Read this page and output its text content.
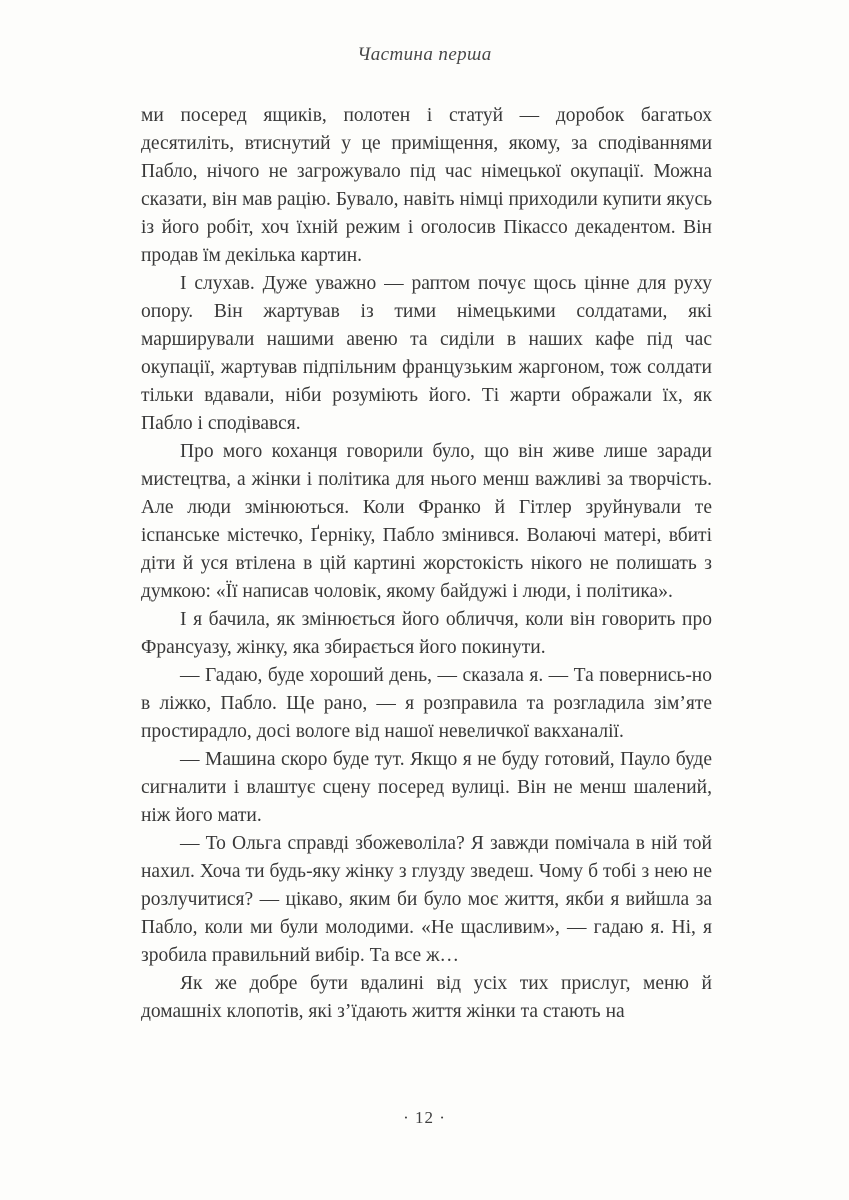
Частина перша

ми посеред ящиків, полотен і статуй — доробок багатьох десятиліть, втиснутий у це приміщення, якому, за сподіваннями Пабло, нічого не загрожувало під час німецької окупації. Можна сказати, він мав рацію. Бувало, навіть німці приходили купити якусь із його робіт, хоч їхній режим і оголосив Пікассо декадентом. Він продав їм декілька картин.

І слухав. Дуже уважно — раптом почує щось цінне для руху опору. Він жартував із тими німецькими солдатами, які марширували нашими авеню та сиділи в наших кафе під час окупації, жартував підпільним французьким жаргоном, тож солдати тільки вдавали, ніби розуміють його. Ті жарти ображали їх, як Пабло і сподівався.

Про мого коханця говорили було, що він живе лише заради мистецтва, а жінки і політика для нього менш важливі за творчість. Але люди змінюються. Коли Франко й Гітлер зруйнували те іспанське містечко, Ґерніку, Пабло змінився. Волаючі матері, вбиті діти й уся втілена в цій картині жорстокість нікого не полишать з думкою: «Її написав чоловік, якому байдужі і люди, і політика».

І я бачила, як змінюється його обличчя, коли він говорить про Франсуазу, жінку, яка збирається його покинути.

— Гадаю, буде хороший день, — сказала я. — Та повернись-но в ліжко, Пабло. Ще рано, — я розправила та розгладила зім’яте простирадло, досі вологе від нашої невеличкої вакханалії.

— Машина скоро буде тут. Якщо я не буду готовий, Пауло буде сигналити і влаштує сцену посеред вулиці. Він не менш шалений, ніж його мати.

— То Ольга справді збожеволіла? Я завжди помічала в ній той нахил. Хоча ти будь-яку жінку з глузду зведеш. Чому б тобі з нею не розлучитися? — цікаво, яким би було моє життя, якби я вийшла за Пабло, коли ми були молодими. «Не щасливим», — гадаю я. Ні, я зробила правильний вибір. Та все ж…

Як же добре бути вдалині від усіх тих прислуг, меню й домашніх клопотів, які з’їдають життя жінки та стають на

· 12 ·
